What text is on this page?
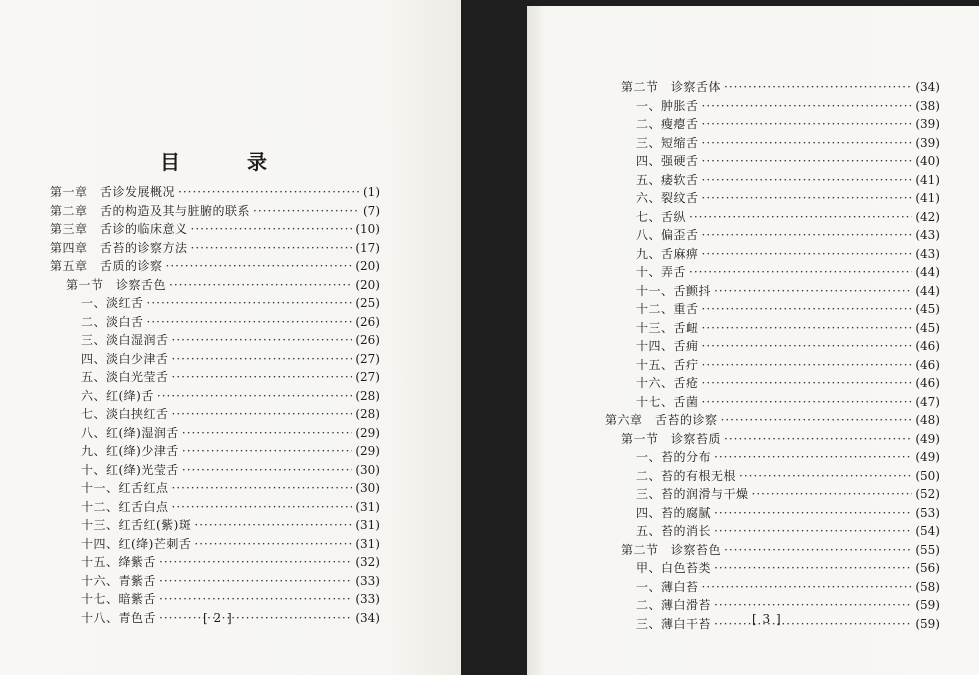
目 录
第一章　舌诊发展概况 ·····	(1)
第二章　舌的构造及其与脏腑的联系 ·····	(7)
第三章　舌诊的临床意义 ·····	(10)
第四章　舌苔的诊察方法 ·····	(17)
第五章　舌质的诊察 ·····	(20)
第一节　诊察舌色 ·····	(20)
一、淡红舌 ·····	(25)
二、淡白舌 ·····	(26)
三、淡白湿润舌 ·····	(26)
四、淡白少津舌 ·····	(27)
五、淡白光莹舌 ·····	(27)
六、红(绛)舌 ·····	(28)
七、淡白挟红舌 ·····	(28)
八、红(绛)湿润舌 ·····	(29)
九、红(绛)少津舌 ·····	(29)
十、红(绛)光莹舌 ·····	(30)
十一、红舌红点 ·····	(30)
十二、红舌白点 ·····	(31)
十三、红舌红(紫)斑 ·····	(31)
十四、红(绛)芒刺舌 ·····	(31)
十五、绛紫舌 ·····	(32)
十六、青紫舌 ·····	(33)
十七、暗紫舌 ·····	(33)
十八、青色舌 ·····	(34)
第二节　诊察舌体 ·····	(34)
一、肿胀舌 ·····	(38)
二、瘦瘪舌 ·····	(39)
三、短缩舌 ·····	(39)
四、强硬舌 ·····	(40)
五、痿软舌 ·····	(41)
六、裂纹舌 ·····	(41)
七、舌纵 ·····	(42)
八、偏歪舌 ·····	(43)
九、舌麻痹 ·····	(43)
十、弄舌 ·····	(44)
十一、舌颤抖 ·····	(44)
十二、重舌 ·····	(45)
十三、舌衄 ·····	(45)
十四、舌痈 ·····	(46)
十五、舌疔 ·····	(46)
十六、舌疮 ·····	(46)
十七、舌菌 ·····	(47)
第六章　舌苔的诊察 ·····	(48)
第一节　诊察苔质 ·····	(49)
一、苔的分布 ·····	(49)
二、苔的有根无根 ·····	(50)
三、苔的润滑与干燥 ·····	(52)
四、苔的腐腻 ·····	(53)
五、苔的消长 ·····	(54)
第二节　诊察苔色 ·····	(55)
甲、白色苔类 ·····	(56)
一、薄白苔 ·····	(58)
二、薄白滑苔 ·····	(59)
三、薄白干苔 ·····	(59)
[ 2 ]	[ 3 ]
